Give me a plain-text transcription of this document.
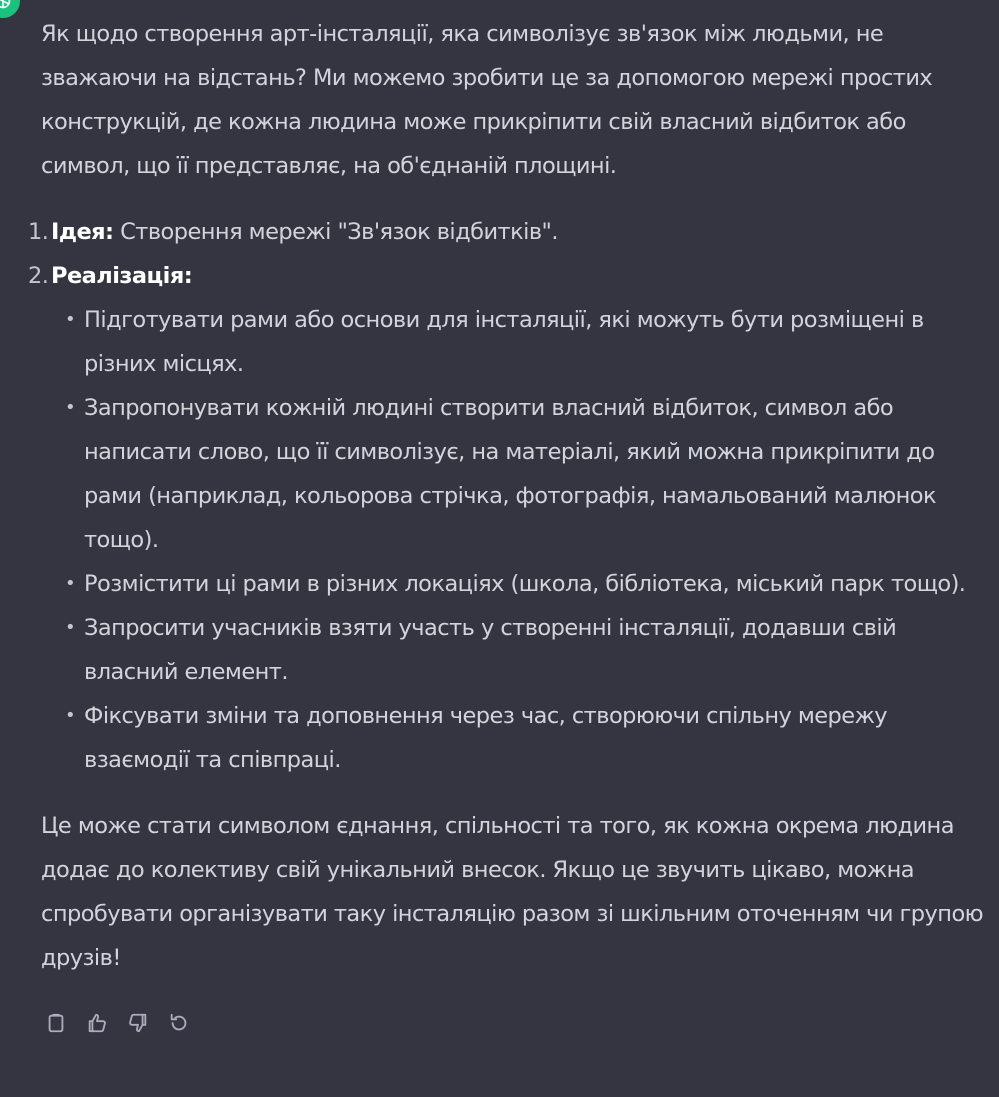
Як щодо створення арт-інсталяції, яка символізує зв'язок між людьми, не зважаючи на відстань? Ми можемо зробити це за допомогою мережі простих конструкцій, де кожна людина може прикріпити свій власний відбиток або символ, що її представляє, на об'єднаній площині.

1. Ідея: Створення мережі "Зв'язок відбитків".
2. Реалізація:
• Підготувати рами або основи для інсталяції, які можуть бути розміщені в різних місцях.
• Запропонувати кожній людині створити власний відбиток, символ або написати слово, що її символізує, на матеріалі, який можна прикріпити до рами (наприклад, кольорова стрічка, фотографія, намальований малюнок тощо).
• Розмістити ці рами в різних локаціях (школа, бібліотека, міський парк тощо).
• Запросити учасників взяти участь у створенні інсталяції, додавши свій власний елемент.
• Фіксувати зміни та доповнення через час, створюючи спільну мережу взаємодії та співпраці.

Це може стати символом єднання, спільності та того, як кожна окрема людина додає до колективу свій унікальний внесок. Якщо це звучить цікаво, можна спробувати організувати таку інсталяцію разом зі шкільним оточенням чи групою друзів!
